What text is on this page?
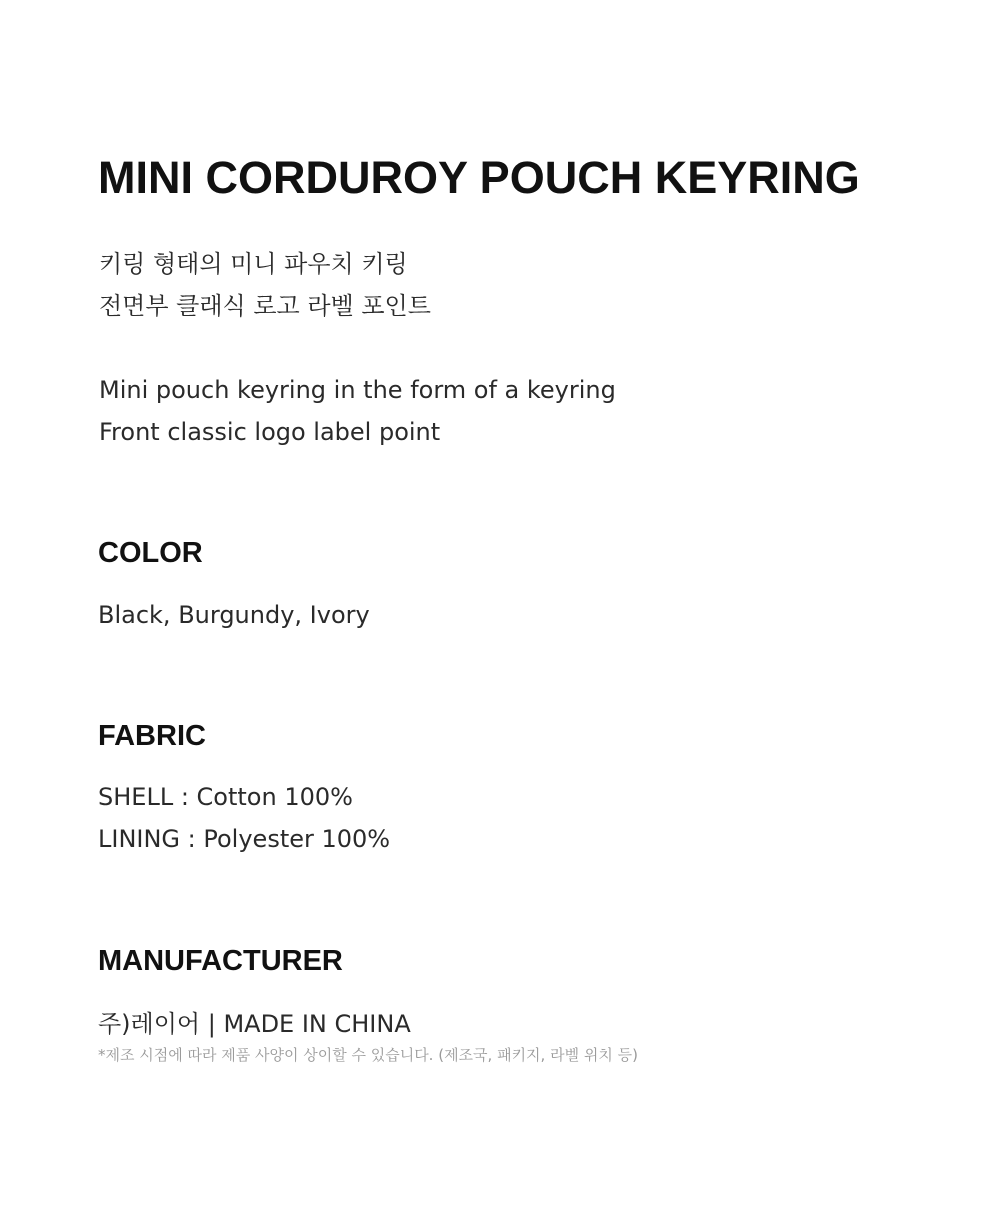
MINI CORDUROY POUCH KEYRING
키링 형태의 미니 파우치 키링
전면부 클래식 로고 라벨 포인트
Mini pouch keyring in the form of a keyring
Front classic logo label point
COLOR
Black, Burgundy, Ivory
FABRIC
SHELL : Cotton 100%
LINING : Polyester 100%
MANUFACTURER
주)레이어 | MADE IN CHINA

*제조 시점에 따라 제품 사양이 상이할 수 있습니다. (제조국, 패키지, 라벨 위치 등)
